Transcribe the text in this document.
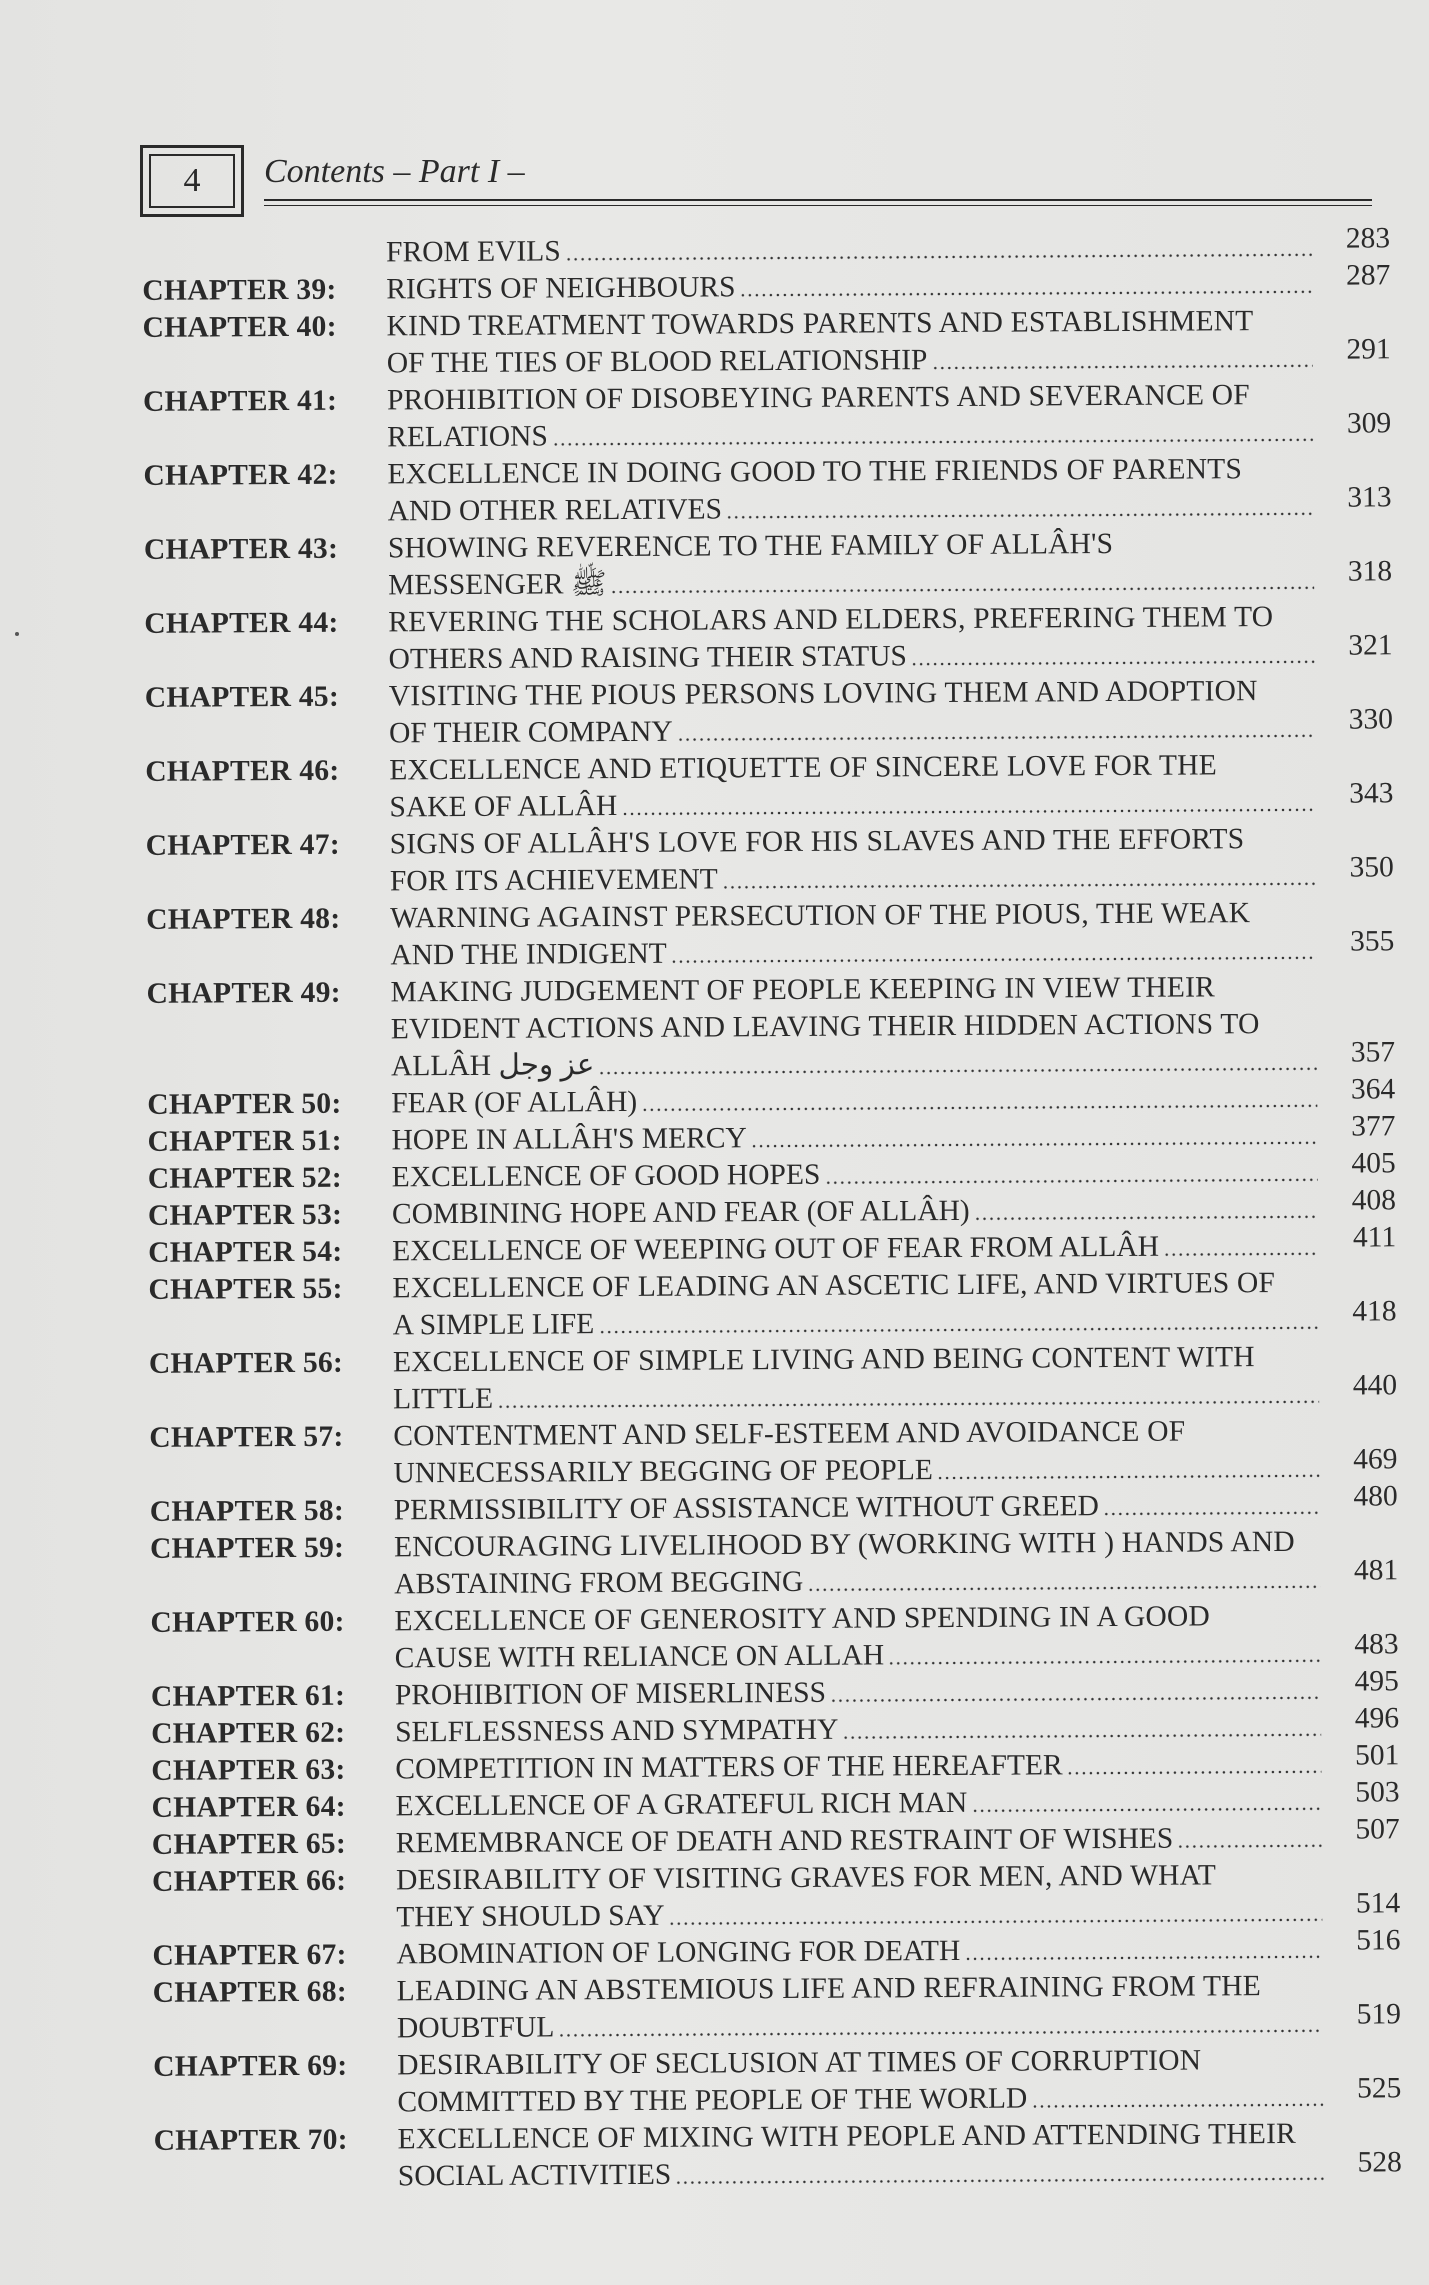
4	Contents – Part I –
FROM EVILS	283
CHAPTER 39:	RIGHTS OF NEIGHBOURS	287
CHAPTER 40:	KIND TREATMENT TOWARDS PARENTS AND ESTABLISHMENT
OF THE TIES OF BLOOD RELATIONSHIP	291
CHAPTER 41:	PROHIBITION OF DISOBEYING PARENTS AND SEVERANCE OF
RELATIONS	309
CHAPTER 42:	EXCELLENCE IN DOING GOOD TO THE FRIENDS OF PARENTS
AND OTHER RELATIVES	313
CHAPTER 43:	SHOWING REVERENCE TO THE FAMILY OF ALLÂH'S
MESSENGER ﷺ	318
CHAPTER 44:	REVERING THE SCHOLARS AND ELDERS, PREFERING THEM TO
OTHERS AND RAISING THEIR STATUS	321
CHAPTER 45:	VISITING THE PIOUS PERSONS LOVING THEM AND ADOPTION
OF THEIR COMPANY	330
CHAPTER 46:	EXCELLENCE AND ETIQUETTE OF SINCERE LOVE FOR THE
SAKE OF ALLÂH	343
CHAPTER 47:	SIGNS OF ALLÂH'S LOVE FOR HIS SLAVES AND THE EFFORTS
FOR ITS ACHIEVEMENT	350
CHAPTER 48:	WARNING AGAINST PERSECUTION OF THE PIOUS, THE WEAK
AND THE INDIGENT	355
CHAPTER 49:	MAKING JUDGEMENT OF PEOPLE KEEPING IN VIEW THEIR
EVIDENT ACTIONS AND LEAVING THEIR HIDDEN ACTIONS TO
ALLÂH عز وجل	357
CHAPTER 50:	FEAR (OF ALLÂH)	364
CHAPTER 51:	HOPE IN ALLÂH'S MERCY	377
CHAPTER 52:	EXCELLENCE OF GOOD HOPES	405
CHAPTER 53:	COMBINING HOPE AND FEAR (OF ALLÂH)	408
CHAPTER 54:	EXCELLENCE OF WEEPING OUT OF FEAR FROM ALLÂH	411
CHAPTER 55:	EXCELLENCE OF LEADING AN ASCETIC LIFE, AND VIRTUES OF
A SIMPLE LIFE	418
CHAPTER 56:	EXCELLENCE OF SIMPLE LIVING AND BEING CONTENT WITH
LITTLE	440
CHAPTER 57:	CONTENTMENT AND SELF-ESTEEM AND AVOIDANCE OF
UNNECESSARILY BEGGING OF PEOPLE	469
CHAPTER 58:	PERMISSIBILITY OF ASSISTANCE WITHOUT GREED	480
CHAPTER 59:	ENCOURAGING LIVELIHOOD BY (WORKING WITH ) HANDS AND
ABSTAINING FROM BEGGING	481
CHAPTER 60:	EXCELLENCE OF GENEROSITY AND SPENDING IN A GOOD
CAUSE WITH RELIANCE ON ALLAH	483
CHAPTER 61:	PROHIBITION OF MISERLINESS	495
CHAPTER 62:	SELFLESSNESS AND SYMPATHY	496
CHAPTER 63:	COMPETITION IN MATTERS OF THE HEREAFTER	501
CHAPTER 64:	EXCELLENCE OF A GRATEFUL RICH MAN	503
CHAPTER 65:	REMEMBRANCE OF DEATH AND RESTRAINT OF WISHES	507
CHAPTER 66:	DESIRABILITY OF VISITING GRAVES FOR MEN, AND WHAT
THEY SHOULD SAY	514
CHAPTER 67:	ABOMINATION OF LONGING FOR DEATH	516
CHAPTER 68:	LEADING AN ABSTEMIOUS LIFE AND REFRAINING FROM THE
DOUBTFUL	519
CHAPTER 69:	DESIRABILITY OF SECLUSION AT TIMES OF CORRUPTION
COMMITTED BY THE PEOPLE OF THE WORLD	525
CHAPTER 70:	EXCELLENCE OF MIXING WITH PEOPLE AND ATTENDING THEIR
SOCIAL ACTIVITIES	528
